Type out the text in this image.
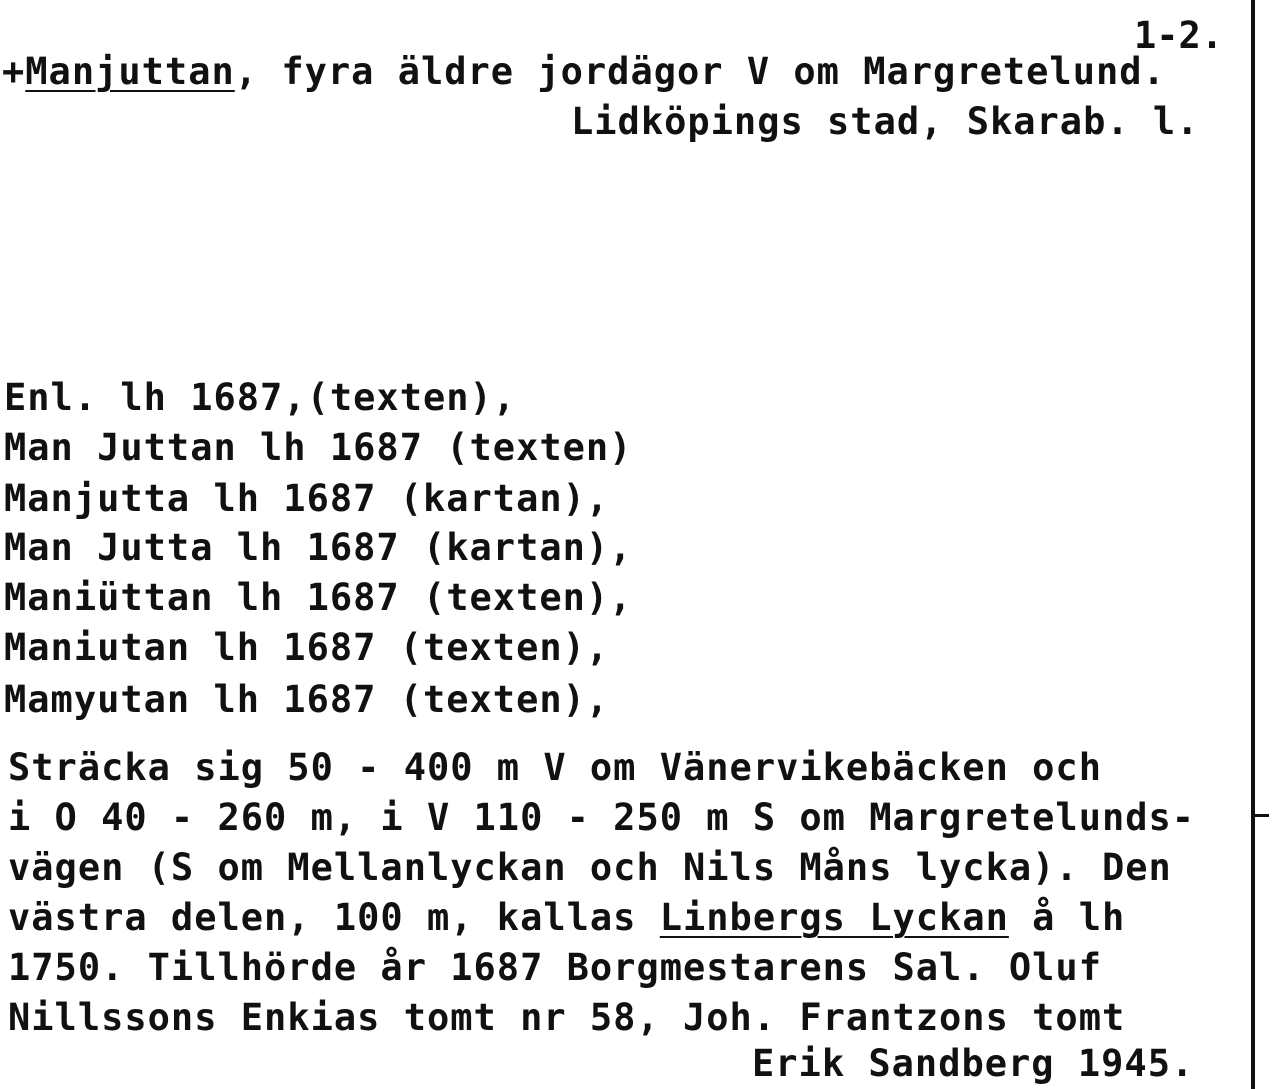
1-2.
+Manjuttan, fyra äldre jordägor V om Margretelund.
Lidköpings stad, Skarab. l.
Enl. lh 1687,(texten),
Man Juttan lh 1687 (texten)
Manjutta lh 1687 (kartan),
Man Jutta lh 1687 (kartan),
Maniüttan lh 1687 (texten),
Maniutan lh 1687 (texten),
Mamyutan lh 1687 (texten),
Sträcka sig 50 - 400 m V om Vänervikebäcken och
i O 40 - 260 m, i V 110 - 250 m S om Margretelunds-
vägen (S om Mellanlyckan och Nils Måns lycka). Den
västra delen, 100 m, kallas Linbergs Lyckan å lh
1750. Tillhörde år 1687 Borgmestarens Sal. Oluf
Nillssons Enkias tomt nr 58, Joh. Frantzons tomt
Erik Sandberg 1945.
